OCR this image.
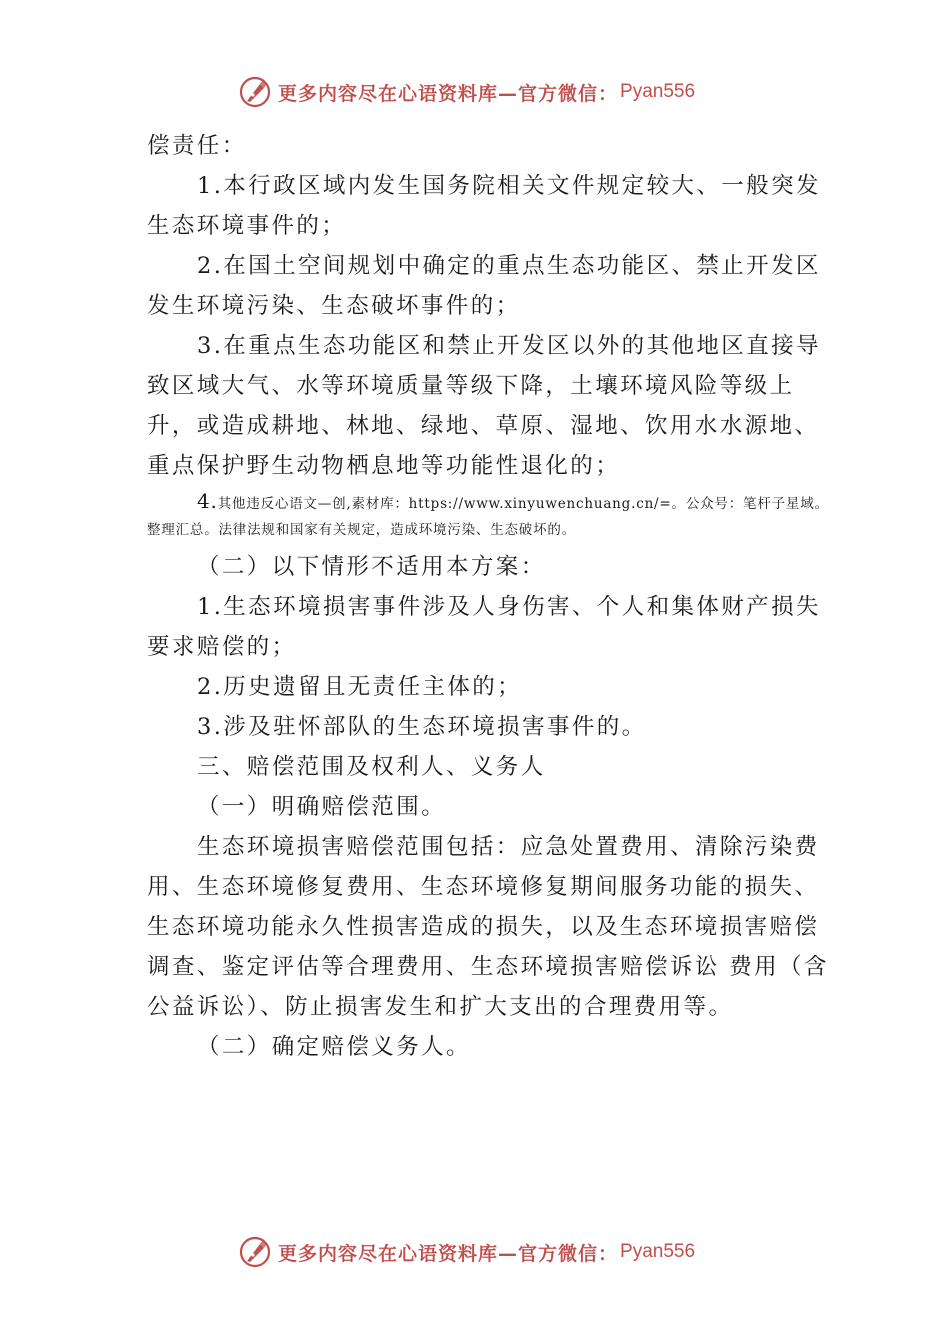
更多内容尽在心语资料库—官方微信： Pyan556

偿责任：

1.本行政区域内发生国务院相关文件规定较大、一般突发生态环境事件的；

2.在国土空间规划中确定的重点生态功能区、禁止开发区发生环境污染、生态破坏事件的；

3.在重点生态功能区和禁止开发区以外的其他地区直接导致区域大气、水等环境质量等级下降，土壤环境风险等级上升，或造成耕地、林地、绿地、草原、湿地、饮用水水源地、重点保护野生动物栖息地等功能性退化的；

4.其他违反心语文—创,素材库：https://www.xinyuwenchuang.cn/=。公众号：笔杆子星域。整理汇总。法律法规和国家有关规定，造成环境污染、生态破坏的。

（二）以下情形不适用本方案：

1.生态环境损害事件涉及人身伤害、个人和集体财产损失要求赔偿的；

2.历史遗留且无责任主体的；

3.涉及驻怀部队的生态环境损害事件的。

三、赔偿范围及权利人、义务人

（一）明确赔偿范围。

生态环境损害赔偿范围包括：应急处置费用、清除污染费用、生态环境修复费用、生态环境修复期间服务功能的损失、生态环境功能永久性损害造成的损失，以及生态环境损害赔偿调查、鉴定评估等合理费用、生态环境损害赔偿诉讼 费用（含公益诉讼）、防止损害发生和扩大支出的合理费用等。

（二）确定赔偿义务人。

更多内容尽在心语资料库—官方微信： Pyan556
